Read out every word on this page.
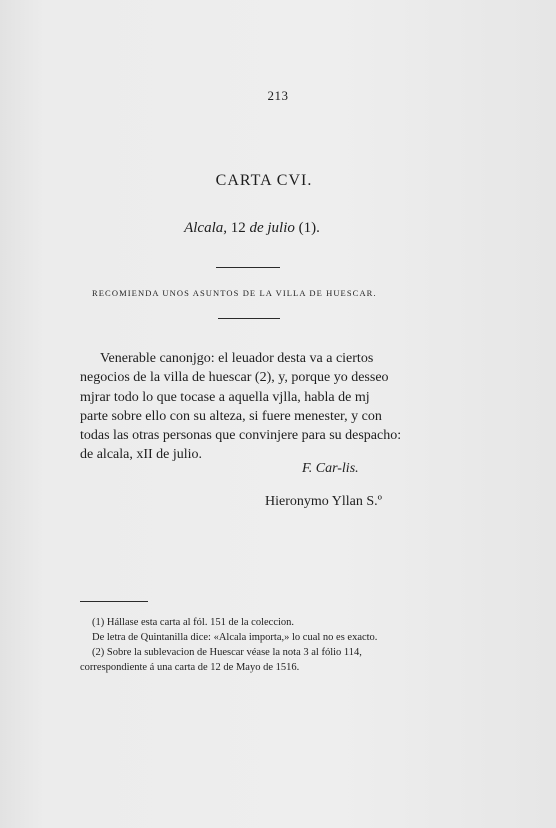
213
CARTA CVI.
Alcala, 12 de julio (1).
RECOMIENDA UNOS ASUNTOS DE LA VILLA DE HUESCAR.

Venerable canonjgo: el leuador desta va a ciertos

negocios de la villa de huescar (2), y, porque yo desseo

mjrar todo lo que tocase a aquella vjlla, habla de mj

parte sobre ello con su alteza, si fuere menester, y con

todas las otras personas que convinjere para su despacho:

de alcala, xII de julio.

F. Car-lis.
Hieronymo Yllan S.º
(1) Hállase esta carta al fól. 151 de la coleccion.
De letra de Quintanilla dice: «Alcala importa,» lo cual no es exacto.
(2) Sobre la sublevacion de Huescar véase la nota 3 al fólio 114,
correspondiente á una carta de 12 de Mayo de 1516.
